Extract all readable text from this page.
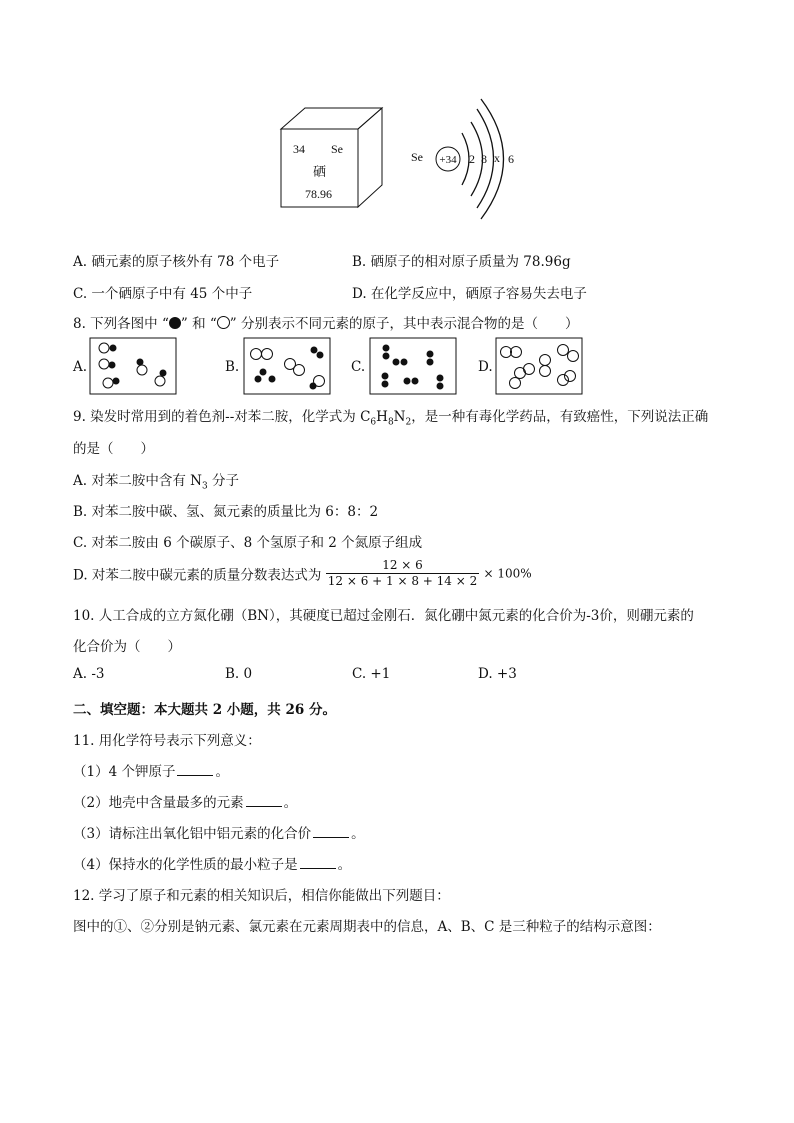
34 Se
硒
78.96
Se +34 2 8 x 6
A. 硒元素的原子核外有 78 个电子	B. 硒原子的相对原子质量为 78.96g
C. 一个硒原子中有 45 个中子	D. 在化学反应中，硒原子容易失去电子
8. 下列各图中 “ ” 和 “ ” 分别表示不同元素的原子，其中表示混合物的是（　　）
A.	B.	C.	D.
9. 染发时常用到的着色剂--对苯二胺，化学式为 $C_6H_8N_2$，是一种有毒化学药品，有致癌性，下列说法正确
的是（　　）
A. 对苯二胺中含有 $N_3$ 分子
B. 对苯二胺中碳、氢、氮元素的质量比为 6：8：2
C. 对苯二胺由 6 个碳原子、8 个氢原子和 2 个氮原子组成
D. 对苯二胺中碳元素的质量分数表达式为 $\frac{12 \times 6}{12 \times 6 + 1 \times 8 + 14 \times 2} \times 100\%$
10. 人工合成的立方氮化硼（BN），其硬度已超过金刚石．氮化硼中氮元素的化合价为-3价，则硼元素的
化合价为（　　）
A. -3	B. 0	C. +1	D. +3
二、填空题：本大题共 2 小题，共 26 分。
11. 用化学符号表示下列意义：
（1）4 个钾原子	。
（2）地壳中含量最多的元素	。
（3）请标注出氧化铝中铝元素的化合价	。
（4）保持水的化学性质的最小粒子是	。
12. 学习了原子和元素的相关知识后，相信你能做出下列题目：
图中的①、②分别是钠元素、氯元素在元素周期表中的信息，A、B、C 是三种粒子的结构示意图：
